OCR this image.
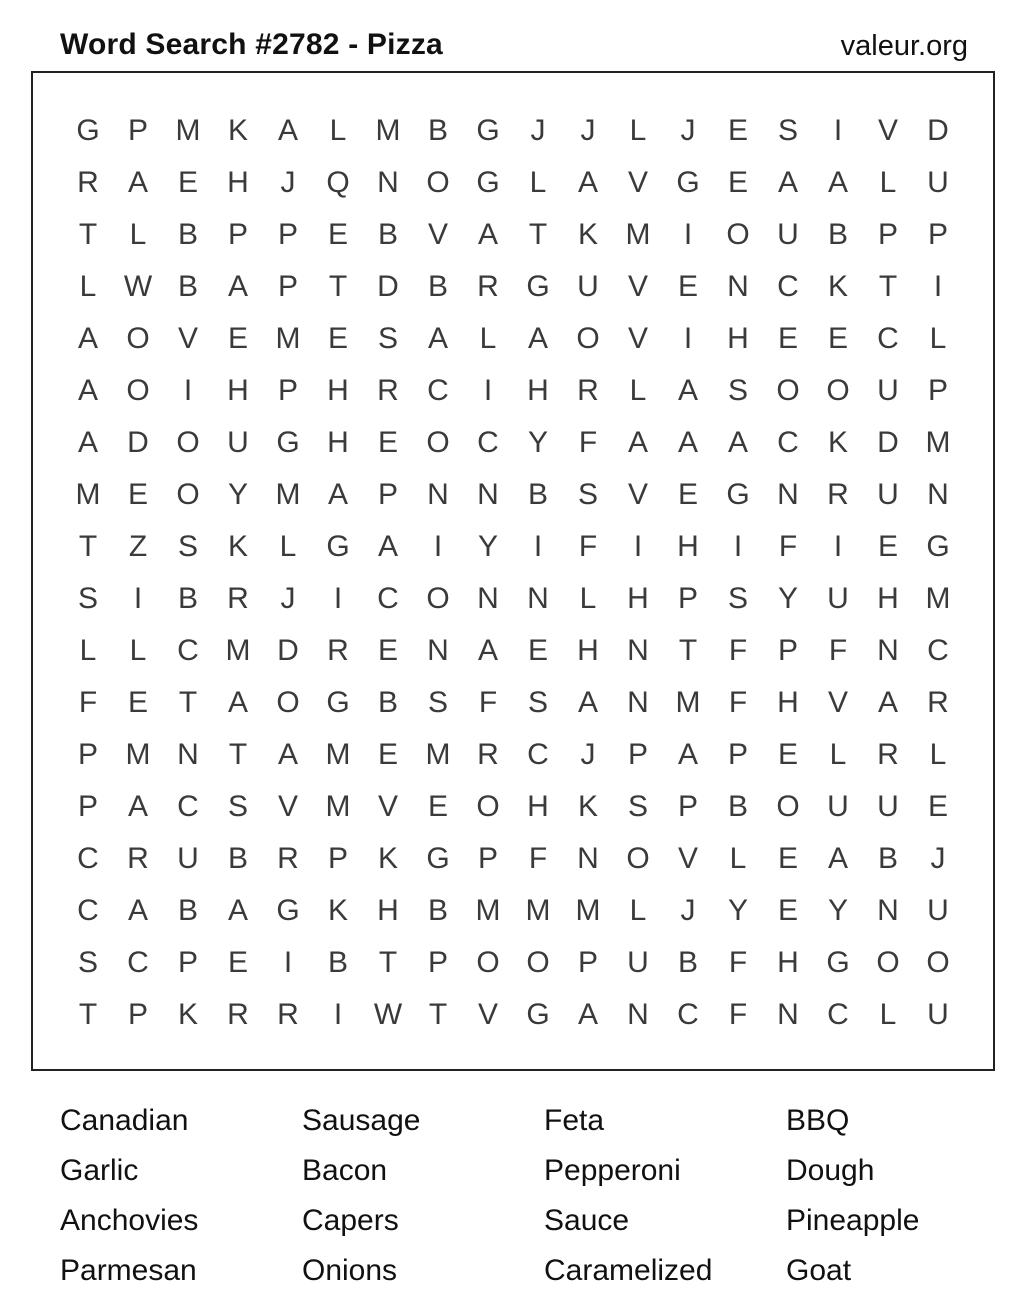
Word Search #2782 - Pizza	valeur.org
G P M K A	L M B G	J	J	L	J	E S	I	V D
R A E H	J	Q N O G L	A V G E A A	L	U
T	L	B P P E B V A	T	K M	I	O U B P P
L W B A P	T	D B R G U V E N C K	T	I
A O V E M E S A	L	A O V	I	H E E C	L
A O	I	H P H R C	I	H R	L	A S O O U P
A D O U G H E O C Y	F	A A A C K D M
M E O Y M A P N N B S V E G N R U N
T	Z	S K	L G A	I	Y	I	F	I	H	I	F	I	E G
S	I	B R	J	I	C O N N	L	H P S Y U H M
L	L	C M D R E N A E H N	T	F	P	F	N C
F	E	T	A O G B S	F	S A N M F	H V A R
P M N	T	A M E M R C	J	P A P E	L	R	L
P A C S V M V E O H K S P B O U U E
C R U B R P K G P	F	N O V	L	E A B	J
C A B A G K H B M M M L	J	Y E Y N U
S C P E	I	B	T	P O O P U B	F	H G O O
T	P K R R	I	W T	V G A N C	F	N C	L	U
Canadian	Sausage	Feta	BBQ
Garlic	Bacon	Pepperoni	Dough
Anchovies	Capers	Sauce	Pineapple
Parmesan	Onions	Caramelized	Goat
